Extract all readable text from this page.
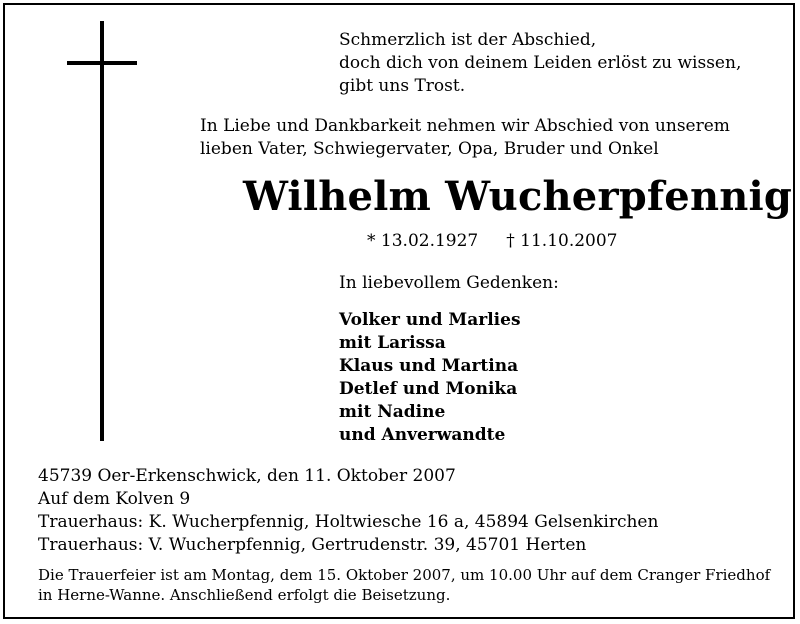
Schmerzlich ist der Abschied,
doch dich von deinem Leiden erlöst zu wissen,
gibt uns Trost.
In Liebe und Dankbarkeit nehmen wir Abschied von unserem
lieben Vater, Schwiegervater, Opa, Bruder und Onkel
Wilhelm Wucherpfennig
* 13.02.1927 † 11.10.2007
In liebevollem Gedenken:
Volker und Marlies
mit Larissa
Klaus und Martina
Detlef und Monika
mit Nadine
und Anverwandte
45739 Oer-Erkenschwick, den 11. Oktober 2007
Auf dem Kolven 9
Trauerhaus: K. Wucherpfennig, Holtwiesche 16 a, 45894 Gelsenkirchen
Trauerhaus: V. Wucherpfennig, Gertrudenstr. 39, 45701 Herten
Die Trauerfeier ist am Montag, dem 15. Oktober 2007, um 10.00 Uhr auf dem Cranger Friedhof
in Herne-Wanne. Anschließend erfolgt die Beisetzung.
